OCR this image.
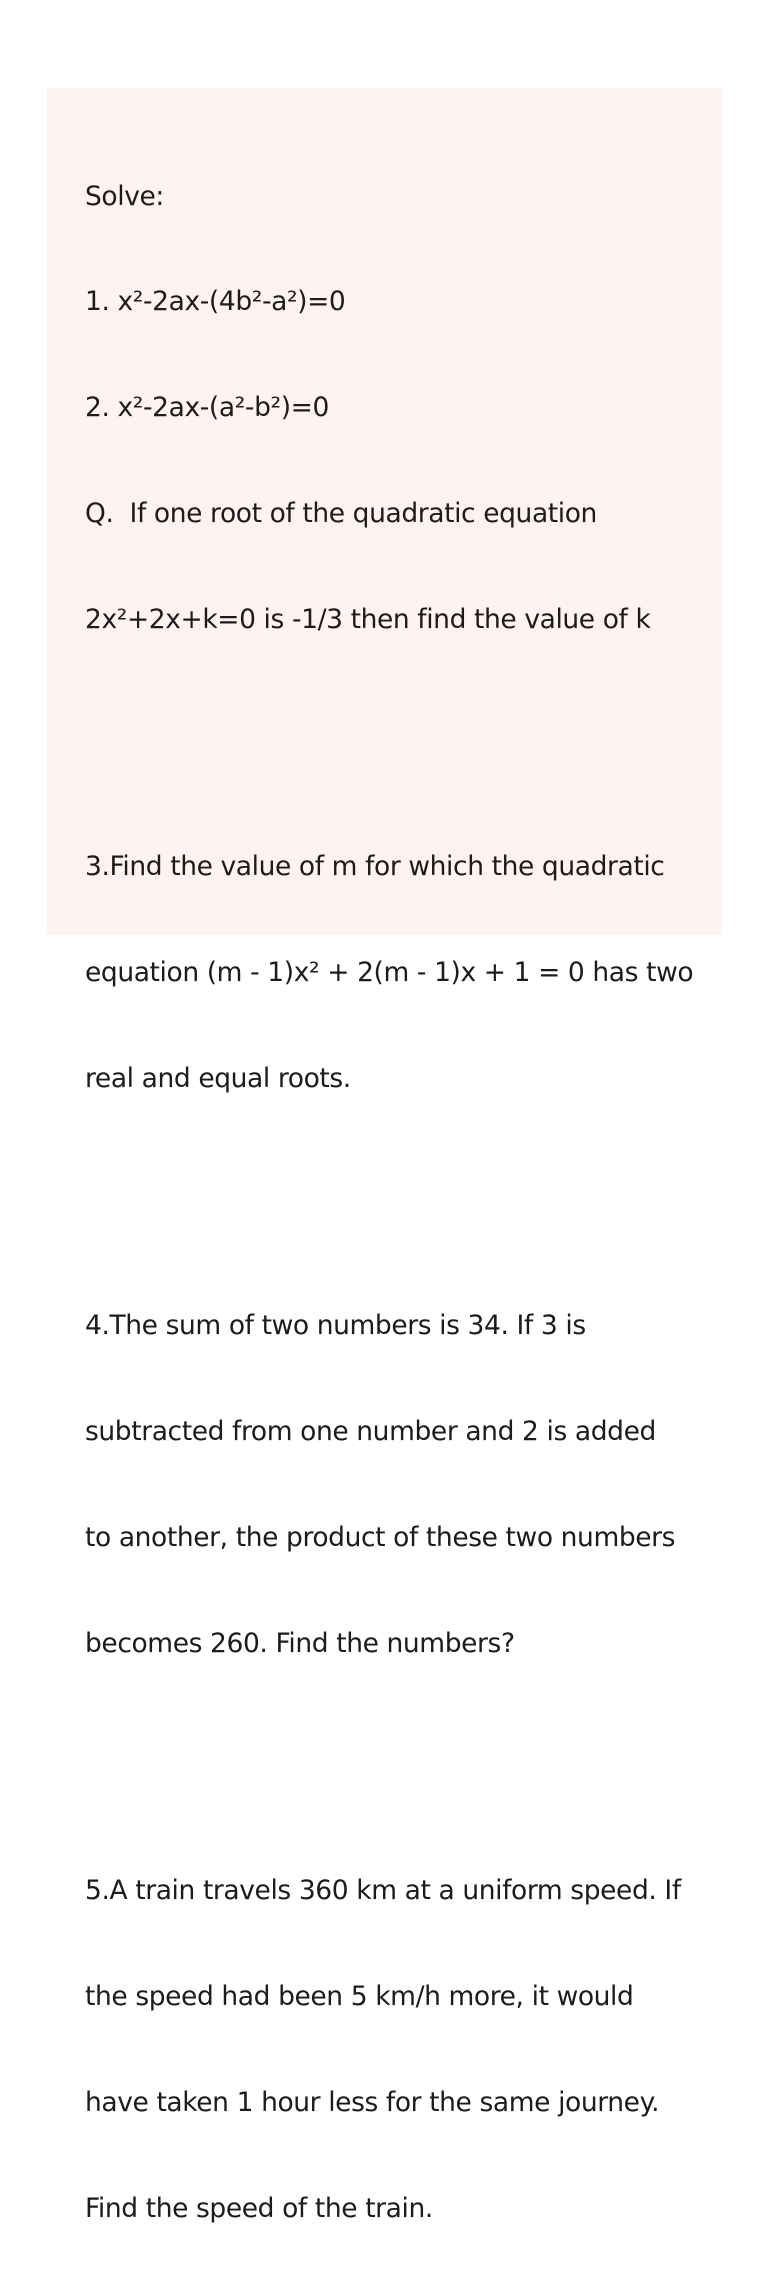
Solve:

1. x²-2ax-(4b²-a²)=0

2. x²-2ax-(a²-b²)=0

Q.  If one root of the quadratic equation

2x²+2x+k=0 is -1/3 then find the value of k

3.Find the value of m for which the quadratic

equation (m - 1)x² + 2(m - 1)x + 1 = 0 has two

real and equal roots.

4.The sum of two numbers is 34. If 3 is

subtracted from one number and 2 is added

to another, the product of these two numbers

becomes 260. Find the numbers?

5.A train travels 360 km at a uniform speed. If

the speed had been 5 km/h more, it would

have taken 1 hour less for the same journey.

Find the speed of the train.
